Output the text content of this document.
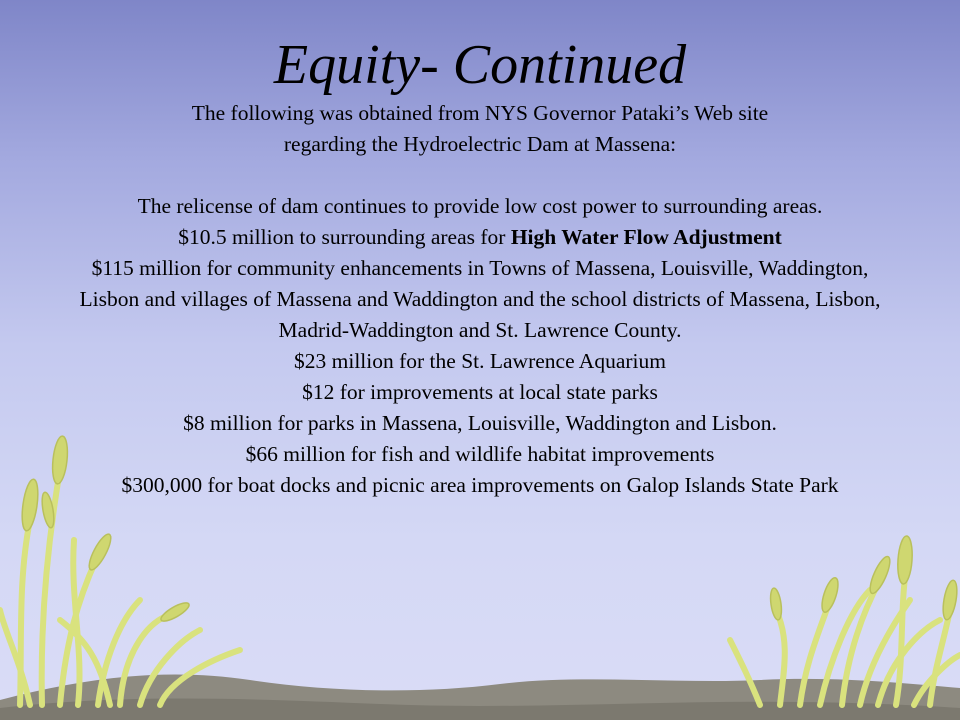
Equity- Continued

The following was obtained from NYS Governor Pataki’s Web site

regarding the Hydroelectric Dam at Massena:

The relicense of dam continues to provide low cost power to surrounding areas.

$10.5 million to surrounding areas for High Water Flow Adjustment

$115 million for community enhancements in Towns of Massena, Louisville, Waddington, Lisbon and villages of Massena and Waddington and the school districts of Massena, Lisbon, Madrid-Waddington and St. Lawrence County.

$23 million for the St. Lawrence Aquarium

$12 for improvements at local state parks

$8 million for parks in Massena, Louisville, Waddington and Lisbon.

$66 million for fish and wildlife habitat improvements

$300,000 for boat docks and picnic area improvements on Galop Islands State Park
